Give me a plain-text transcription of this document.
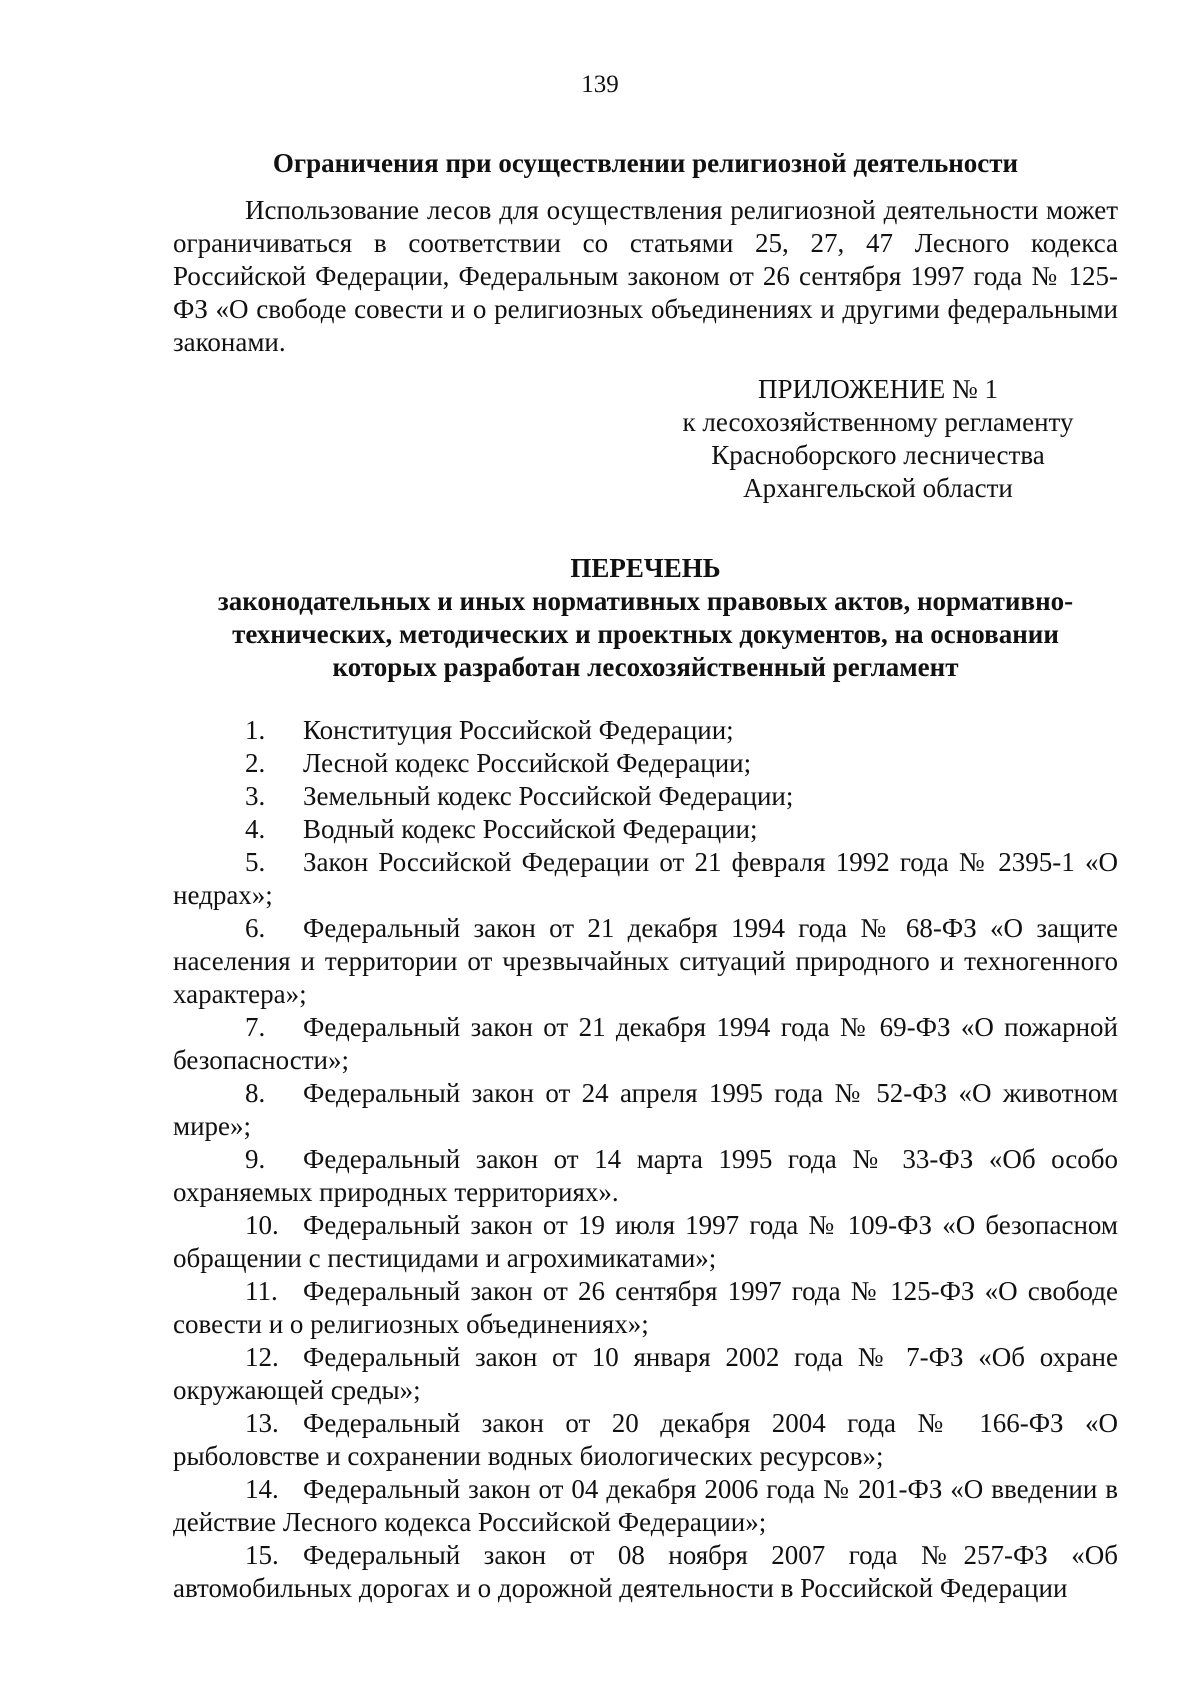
139
Ограничения при осуществлении религиозной деятельности

Использование лесов для осуществления религиозной деятельности может ограничиваться в соответствии со статьями 25, 27, 47 Лесного кодекса Российской Федерации, Федеральным законом от 26 сентября 1997 года № 125-ФЗ «О свободе совести и о религиозных объединениях и другими федеральными законами.

ПРИЛОЖЕНИЕ № 1
к лесохозяйственному регламенту
Красноборского лесничества
Архангельской области
ПЕРЕЧЕНЬ
законодательных и иных нормативных правовых актов, нормативно-технических, методических и проектных документов, на основании которых разработан лесохозяйственный регламент

1. Конституция Российской Федерации;

2. Лесной кодекс Российской Федерации;

3. Земельный кодекс Российской Федерации;

4. Водный кодекс Российской Федерации;

5. Закон Российской Федерации от 21 февраля 1992 года № 2395-1 «О недрах»;

6. Федеральный закон от 21 декабря 1994 года № 68-ФЗ «О защите населения и территории от чрезвычайных ситуаций природного и техногенного характера»;

7. Федеральный закон от 21 декабря 1994 года № 69-ФЗ «О пожарной безопасности»;

8. Федеральный закон от 24 апреля 1995 года № 52-ФЗ «О животном мире»;

9. Федеральный закон от 14 марта 1995 года № 33-ФЗ «Об особо охраняемых природных территориях».

10. Федеральный закон от 19 июля 1997 года № 109-ФЗ «О безопасном обращении с пестицидами и агрохимикатами»;

11. Федеральный закон от 26 сентября 1997 года № 125-ФЗ «О свободе совести и о религиозных объединениях»;

12. Федеральный закон от 10 января 2002 года № 7-ФЗ «Об охране окружающей среды»;

13. Федеральный закон от 20 декабря 2004 года № 166-ФЗ «О рыболовстве и сохранении водных биологических ресурсов»;

14. Федеральный закон от 04 декабря 2006 года № 201-ФЗ «О введении в действие Лесного кодекса Российской Федерации»;

15. Федеральный закон от 08 ноября 2007 года №257-ФЗ «Об автомобильных дорогах и о дорожной деятельности в Российской Федерации
